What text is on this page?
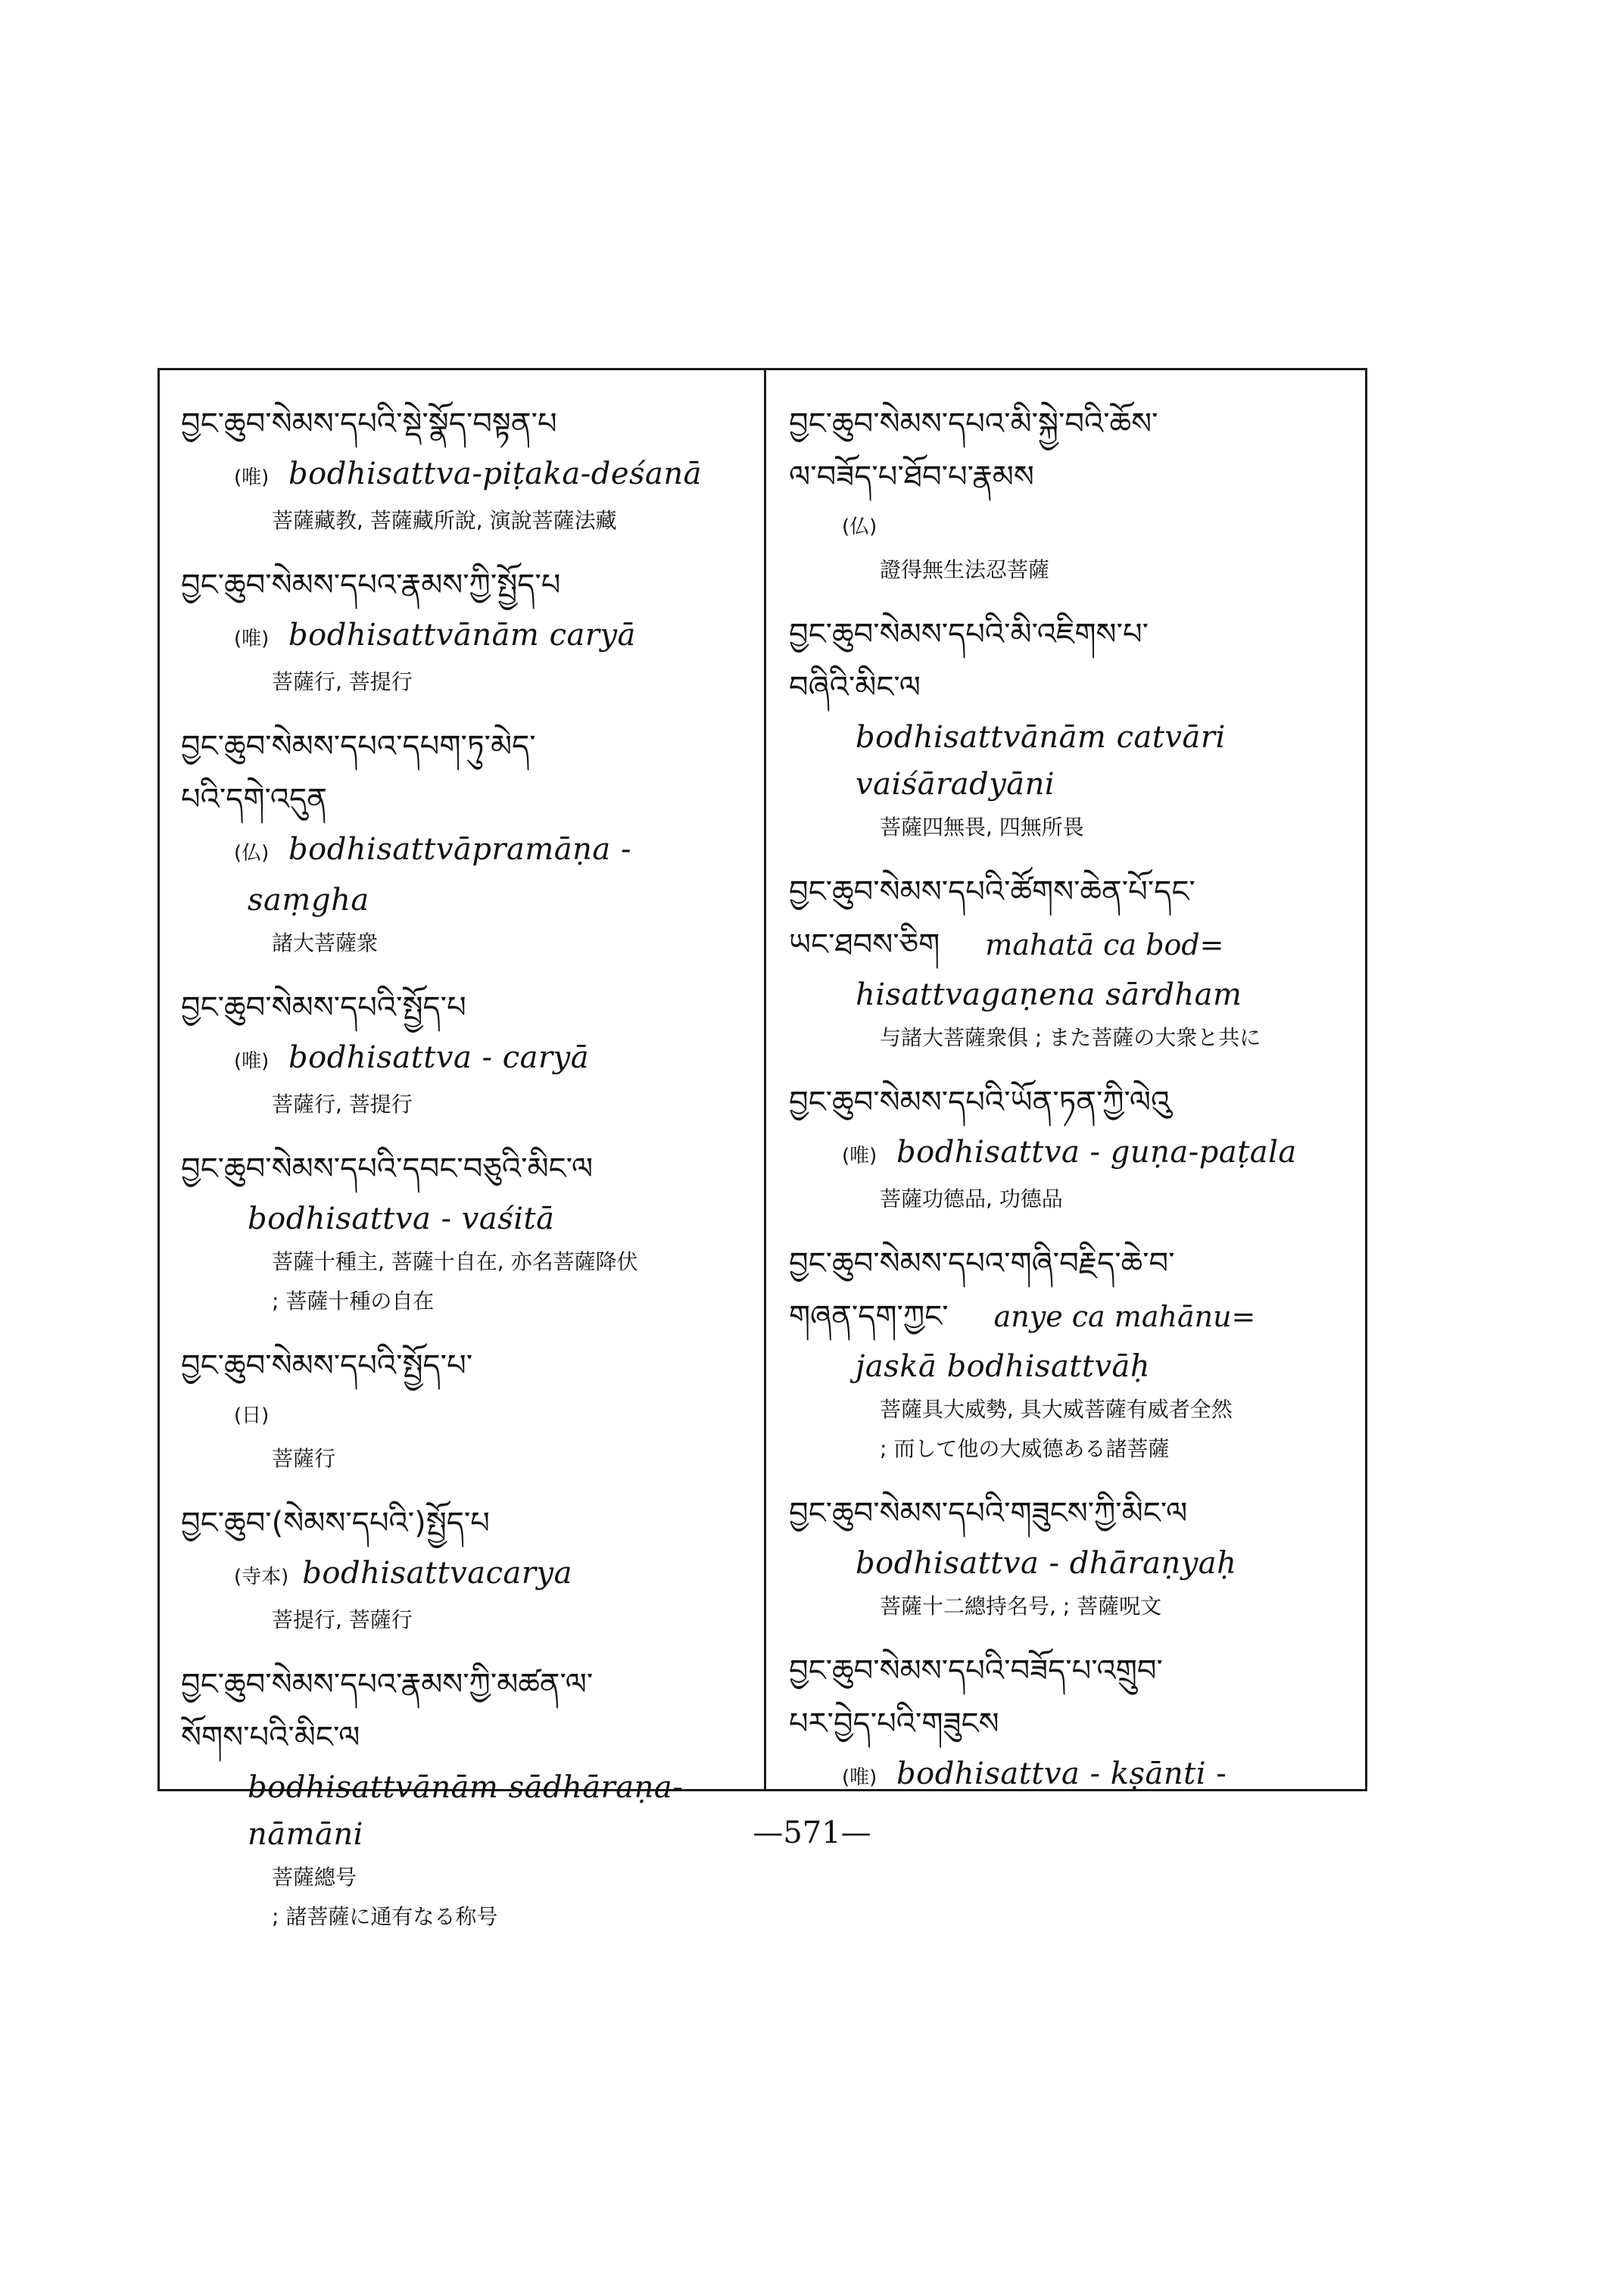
བྱང་ཆུབ་སེམས་དཔའི་སྡེ་སྣོད་བསྟན་པ
(唯) bodhisattva-piṭaka-deśanā
菩薩藏教, 菩薩藏所說, 演說菩薩法藏
བྱང་ཆུབ་སེམས་དཔའ་རྣམས་ཀྱི་སྤྱོད་པ
(唯) bodhisattvānām caryā
菩薩行, 菩提行
བྱང་ཆུབ་སེམས་དཔའ་དཔག་ཏུ་མེད་
པའི་དགེ་འདུན
(仏) bodhisattvāpramāṇa -
saṃgha
諸大菩薩衆
བྱང་ཆུབ་སེམས་དཔའི་སྤྱོད་པ
(唯) bodhisattva - caryā
菩薩行, 菩提行
བྱང་ཆུབ་སེམས་དཔའི་དབང་བཅུའི་མིང་ལ
bodhisattva - vaśitā
菩薩十種主, 菩薩十自在, 亦名菩薩降伏
; 菩薩十種の自在
བྱང་ཆུབ་སེམས་དཔའི་སྤྱོད་པ་
(日)
菩薩行
བྱང་ཆུབ་(སེམས་དཔའི་)སྤྱོད་པ
(寺本) bodhisattvacarya
菩提行, 菩薩行
བྱང་ཆུབ་སེམས་དཔའ་རྣམས་ཀྱི་མཚན་ལ་
སོགས་པའི་མིང་ལ
bodhisattvānām sādhāraṇa-
nāmāni
菩薩總号
; 諸菩薩に通有なる称号
བྱང་ཆུབ་སེམས་དཔའ་མི་སྐྱེ་བའི་ཆོས་
ལ་བཟོད་པ་ཐོབ་པ་རྣམས
(仏)
證得無生法忍菩薩
བྱང་ཆུབ་སེམས་དཔའི་མི་འཇིགས་པ་
བཞིའི་མིང་ལ
bodhisattvānām catvāri
vaiśāradyāni
菩薩四無畏, 四無所畏
བྱང་ཆུབ་སེམས་དཔའི་ཚོགས་ཆེན་པོ་དང་
ཡང་ཐབས་ཅིག mahatā ca bod=
hisattvagaṇena sārdham
与諸大菩薩衆俱 ; また菩薩の大衆と共に
བྱང་ཆུབ་སེམས་དཔའི་ཡོན་ཏན་ཀྱི་ལེའུ
(唯) bodhisattva - guṇa-paṭala
菩薩功德品, 功德品
བྱང་ཆུབ་སེམས་དཔའ་གཞི་བརྗིད་ཆེ་བ་
གཞན་དག་ཀྱང་ anye ca mahānu=
jaskā bodhisattvāḥ
菩薩具大威勢, 具大威菩薩有威者全然
; 而して他の大威德ある諸菩薩
བྱང་ཆུབ་སེམས་དཔའི་གཟུངས་ཀྱི་མིང་ལ
bodhisattva - dhāraṇyaḥ
菩薩十二總持名号, ; 菩薩呪文
བྱང་ཆུབ་སེམས་དཔའི་བཟོད་པ་འགྲུབ་
པར་བྱེད་པའི་གཟུངས
(唯) bodhisattva - kṣānti -
—571—
